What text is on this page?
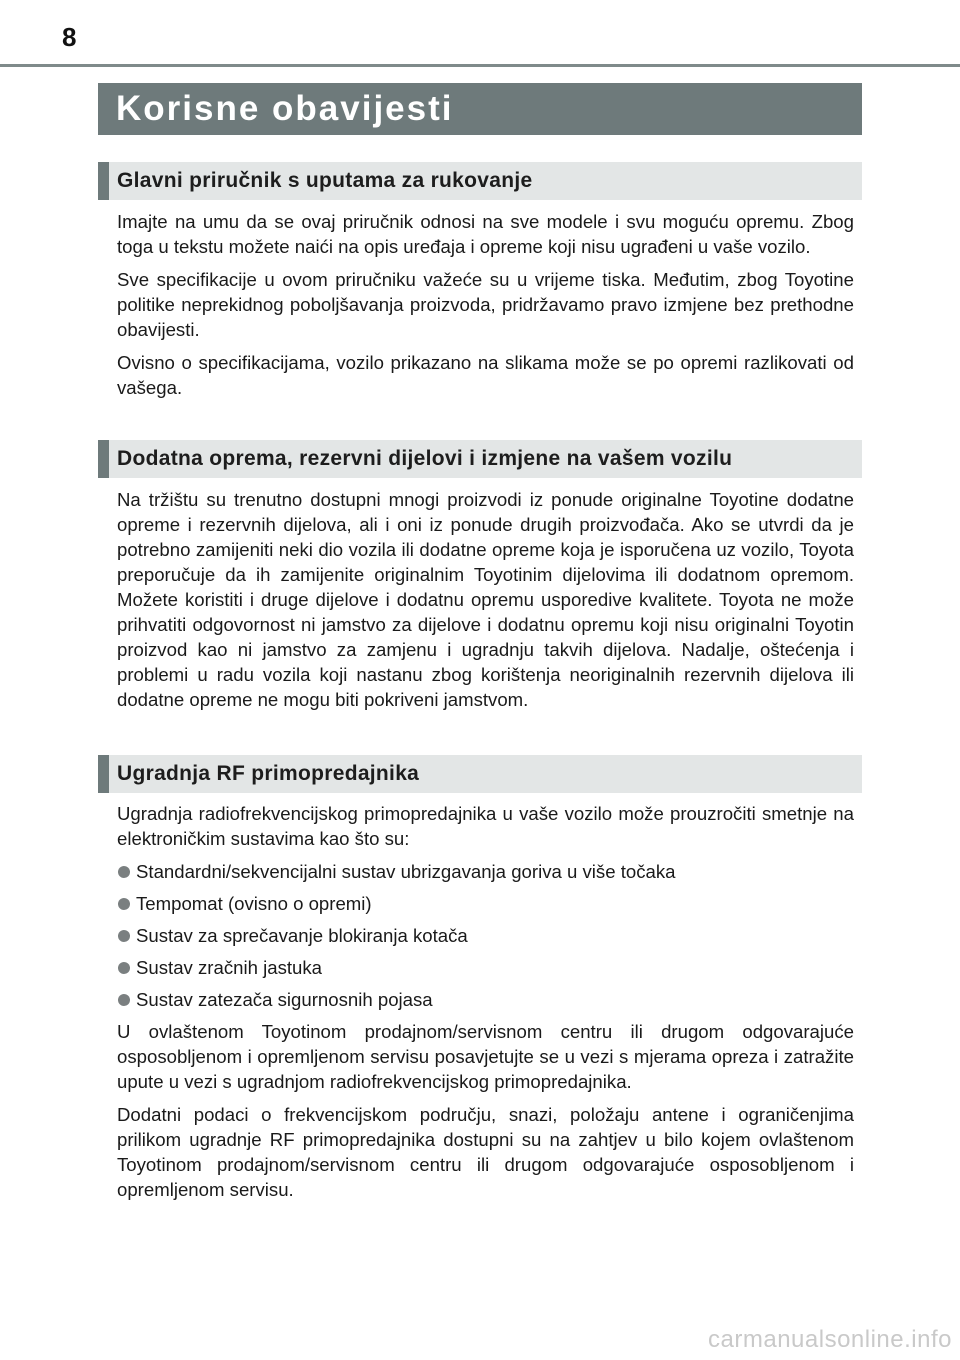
8
Korisne obavijesti
Glavni priručnik s uputama za rukovanje

Imajte na umu da se ovaj priručnik odnosi na sve modele i svu moguću opremu. Zbog toga u tekstu možete naići na opis uređaja i opreme koji nisu ugrađeni u vaše vozilo.

Sve specifikacije u ovom priručniku važeće su u vrijeme tiska. Međutim, zbog Toyotine politike neprekidnog poboljšavanja proizvoda, pridržavamo pravo izmjene bez prethodne obavijesti.

Ovisno o specifikacijama, vozilo prikazano na slikama može se po opremi razlikovati od vašega.

Dodatna oprema, rezervni dijelovi i izmjene na vašem vozilu

Na tržištu su trenutno dostupni mnogi proizvodi iz ponude originalne Toyotine dodatne opreme i rezervnih dijelova, ali i oni iz ponude drugih proizvođača. Ako se utvrdi da je potrebno zamijeniti neki dio vozila ili dodatne opreme koja je isporučena uz vozilo, Toyota preporučuje da ih zamijenite originalnim Toyotinim dijelovima ili dodatnom opremom. Možete koristiti i druge dijelove i dodatnu opremu usporedive kvalitete. Toyota ne može prihvatiti odgovornost ni jamstvo za dijelove i dodatnu opremu koji nisu originalni Toyotin proizvod kao ni jamstvo za zamjenu i ugradnju takvih dijelova. Nadalje, oštećenja i problemi u radu vozila koji nastanu zbog korištenja neoriginalnih rezervnih dijelova ili dodatne opreme ne mogu biti pokriveni jamstvom.

Ugradnja RF primopredajnika

Ugradnja radiofrekvencijskog primopredajnika u vaše vozilo može prouzročiti smetnje na elektroničkim sustavima kao što su:

Standardni/sekvencijalni sustav ubrizgavanja goriva u više točaka
Tempomat (ovisno o opremi)
Sustav za sprečavanje blokiranja kotača
Sustav zračnih jastuka
Sustav zatezača sigurnosnih pojasa

U ovlaštenom Toyotinom prodajnom/servisnom centru ili drugom odgovarajuće osposobljenom i opremljenom servisu posavjetujte se u vezi s mjerama opreza i zatražite upute u vezi s ugradnjom radiofrekvencijskog primopredajnika.

Dodatni podaci o frekvencijskom području, snazi, položaju antene i ograničenjima prilikom ugradnje RF primopredajnika dostupni su na zahtjev u bilo kojem ovlaštenom Toyotinom prodajnom/servisnom centru ili drugom odgovarajuće osposobljenom i opremljenom servisu.

carmanualsonline.info
